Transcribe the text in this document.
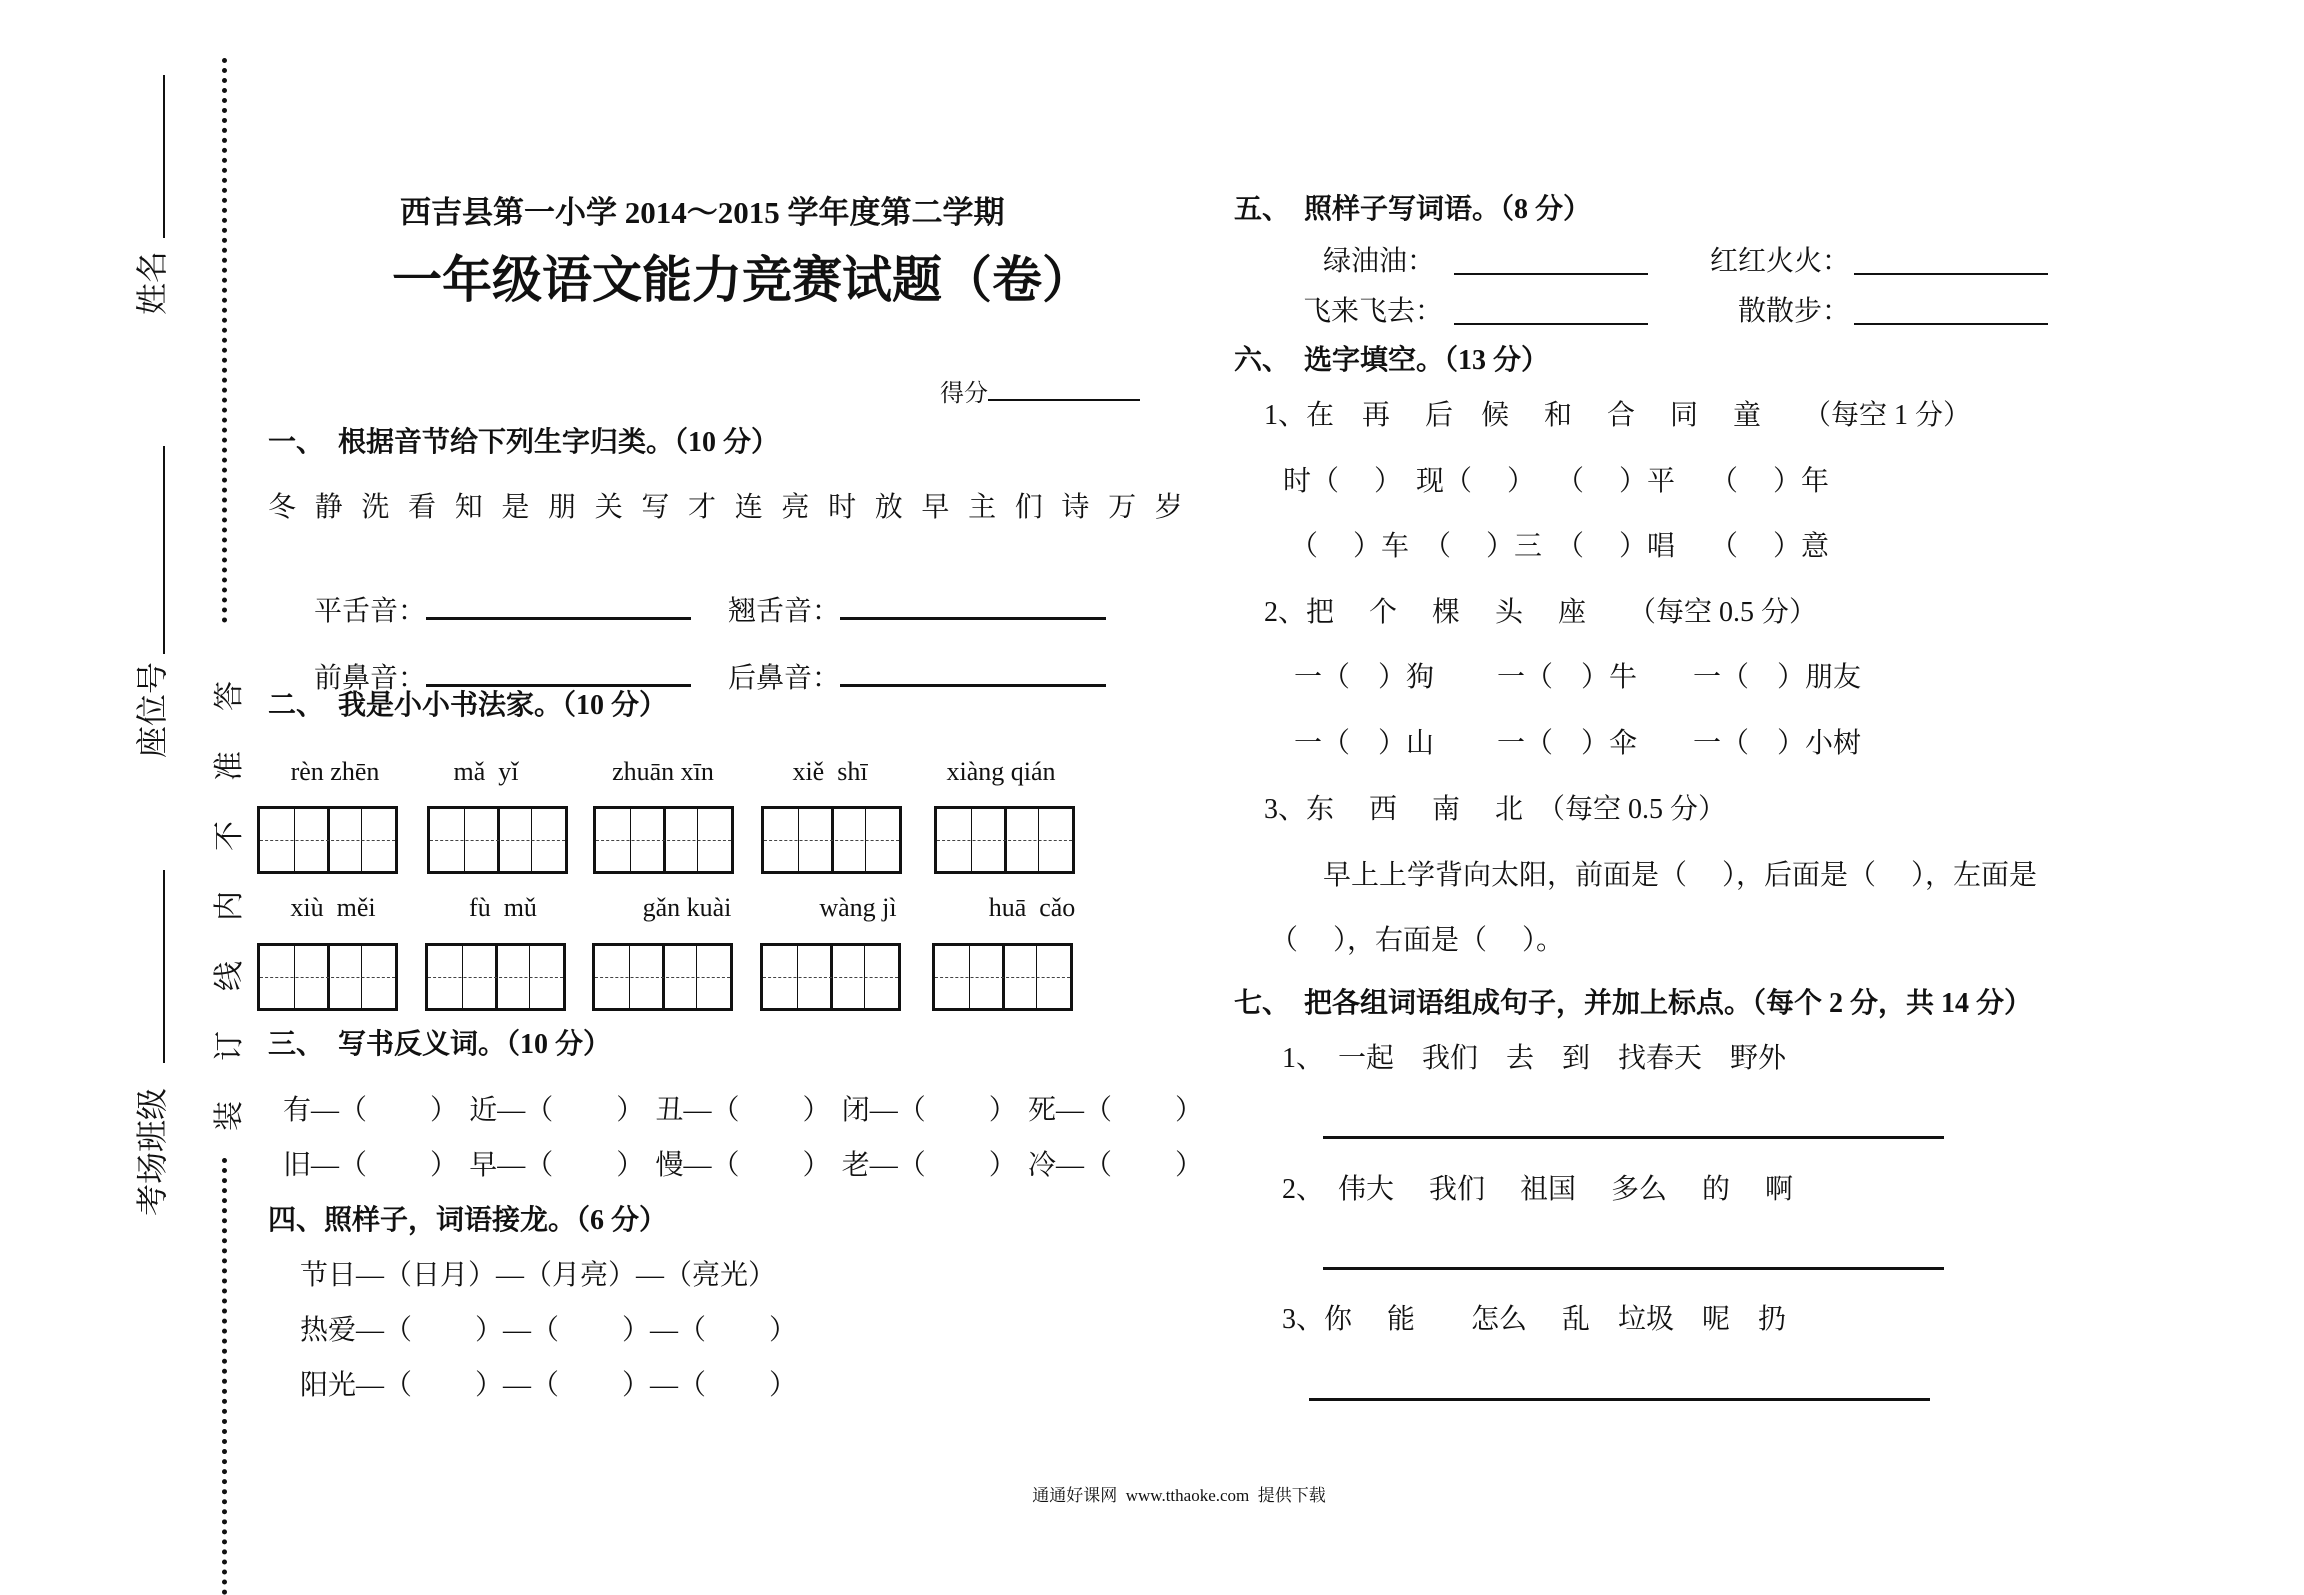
姓名
座位号
考场班级
装订线内不准答
西吉县第一小学 2014～2015 学年度第二学期
一年级语文能力竞赛试题（卷）

得分

一、  根据音节给下列生字归类。（10 分）
冬 静 洗 看 知 是 朋 关 写 才 连 亮 时 放 早 主 们 诗 万 岁

平舌音：	翘舌音：

前鼻音：	后鼻音：

二、  我是小小书法家。（10 分）
rèn zhēn	mǎ  yǐ	zhuān xīn	xiě  shī	xiàng qián
xiù  měi	fù  mǔ	gǎn kuài	wàng jì	huā  cǎo
三、  写书反义词。（10 分）
有—（　　 ） 近—（　　 ） 丑—（　　 ） 闭—（　　 ） 死—（　　 ）
旧—（　　 ） 早—（　　 ） 慢—（　　 ） 老—（　　 ） 冷—（　　 ）
四、照样子，词语接龙。（6 分）
节日—（日月）—（月亮）—（亮光）
热爱—（　　 ）—（　　 ）—（　　 ）
阳光—（　　 ）—（　　 ）—（　　 ）
五、  照样子写词语。（8 分）
绿油油：	红红火火：
飞来飞去：	散散步：
六、  选字填空。（13 分）
1、在　再　 后　候　 和　 合　 同　 童　　（每空 1 分）
时（　 ）　现（　 ）　 （　 ）平　 （　 ）年
（　 ）车　（　 ）三　（　 ）唱　 （　 ）意
2、把　 个　 棵　 头　 座　　（每空 0.5 分）
一（　）狗　　 一（　）牛　　一（　）朋友
一（　）山　　 一（　）伞　　一（　）小树
3、东　 西　 南　 北　（每空 0.5 分）
早上上学背向太阳，前面是（　 ），后面是（　 ），左面是
（　 ），右面是（　 ）。
七、  把各组词语组成句子，并加上标点。（每个 2 分，共 14 分）
1、　一起　我们　去　到　找春天　野外
2、　伟大　 我们　 祖国　 多么　 的　 啊
3、你　 能　　怎么　 乱　垃圾　呢　扔
通通好课网  www.tthaoke.com  提供下载
